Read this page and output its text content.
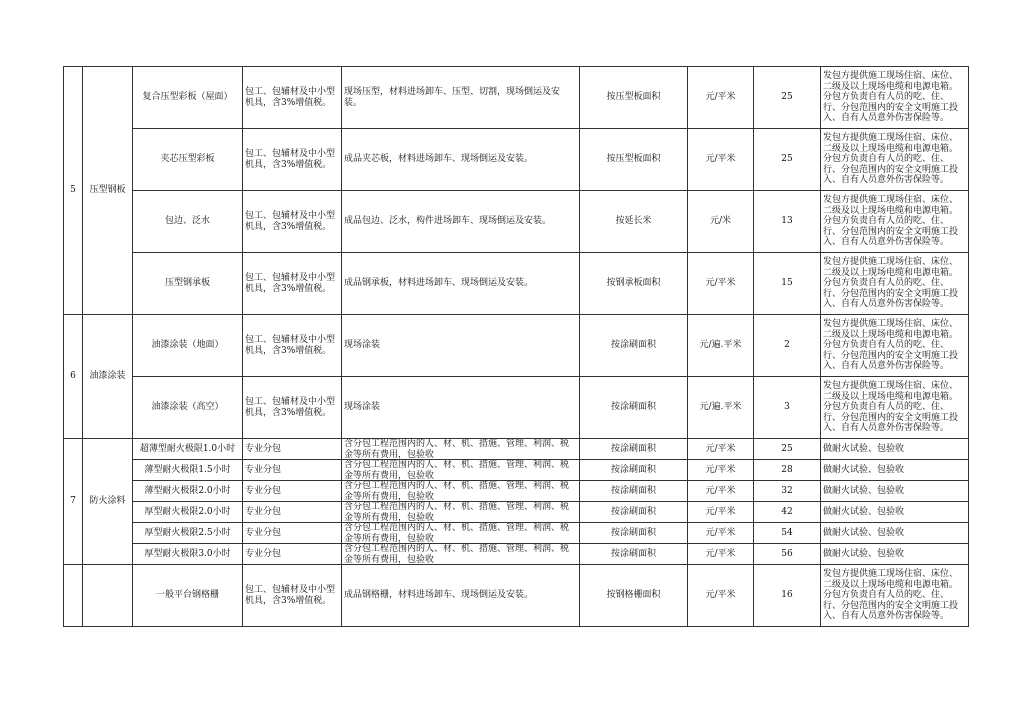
5	压型钢板	复合压型彩板（屋面）	包工、包辅材及中小型机具，含3%增值税。	现场压型，材料进场卸车、压型、切割，现场倒运及安装。	按压型板面积	元/平米	25	发包方提供施工现场住宿、床位、二级及以上现场电缆和电源电箱。分包方负责自有人员的吃、住、行、分包范围内的安全文明施工投入、自有人员意外伤害保险等。
		夹芯压型彩板	包工、包辅材及中小型机具，含3%增值税。	成品夹芯板，材料进场卸车、现场倒运及安装。	按压型板面积	元/平米	25	发包方提供施工现场住宿、床位、二级及以上现场电缆和电源电箱。分包方负责自有人员的吃、住、行、分包范围内的安全文明施工投入、自有人员意外伤害保险等。
		包边、泛水	包工、包辅材及中小型机具，含3%增值税。	成品包边、泛水，构件进场卸车、现场倒运及安装。	按延长米	元/米	13	发包方提供施工现场住宿、床位、二级及以上现场电缆和电源电箱。分包方负责自有人员的吃、住、行、分包范围内的安全文明施工投入、自有人员意外伤害保险等。
		压型钢承板	包工、包辅材及中小型机具，含3%增值税。	成品钢承板，材料进场卸车、现场倒运及安装。	按钢承板面积	元/平米	15	发包方提供施工现场住宿、床位、二级及以上现场电缆和电源电箱。分包方负责自有人员的吃、住、行、分包范围内的安全文明施工投入、自有人员意外伤害保险等。
6	油漆涂装	油漆涂装（地面）	包工、包辅材及中小型机具，含3%增值税。	现场涂装	按涂刷面积	元/遍.平米	2	发包方提供施工现场住宿、床位、二级及以上现场电缆和电源电箱。分包方负责自有人员的吃、住、行、分包范围内的安全文明施工投入、自有人员意外伤害保险等。
		油漆涂装（高空）	包工、包辅材及中小型机具，含3%增值税。	现场涂装	按涂刷面积	元/遍.平米	3	发包方提供施工现场住宿、床位、二级及以上现场电缆和电源电箱。分包方负责自有人员的吃、住、行、分包范围内的安全文明施工投入、自有人员意外伤害保险等。
7	防火涂料	超薄型耐火极限1.0小时	专业分包	含分包工程范围内的人、材、机、措施、管理、利润、税金等所有费用，包验收	按涂刷面积	元/平米	25	做耐火试验、包验收
		薄型耐火极限1.5小时	专业分包	含分包工程范围内的人、材、机、措施、管理、利润、税金等所有费用，包验收	按涂刷面积	元/平米	28	做耐火试验、包验收
		薄型耐火极限2.0小时	专业分包	含分包工程范围内的人、材、机、措施、管理、利润、税金等所有费用，包验收	按涂刷面积	元/平米	32	做耐火试验、包验收
		厚型耐火极限2.0小时	专业分包	含分包工程范围内的人、材、机、措施、管理、利润、税金等所有费用，包验收	按涂刷面积	元/平米	42	做耐火试验、包验收
		厚型耐火极限2.5小时	专业分包	含分包工程范围内的人、材、机、措施、管理、利润、税金等所有费用，包验收	按涂刷面积	元/平米	54	做耐火试验、包验收
		厚型耐火极限3.0小时	专业分包	含分包工程范围内的人、材、机、措施、管理、利润、税金等所有费用，包验收	按涂刷面积	元/平米	56	做耐火试验、包验收
		一般平台钢格栅	包工、包辅材及中小型机具，含3%增值税。	成品钢格栅，材料进场卸车、现场倒运及安装。	按钢格栅面积	元/平米	16	发包方提供施工现场住宿、床位、二级及以上现场电缆和电源电箱。分包方负责自有人员的吃、住、行、分包范围内的安全文明施工投入、自有人员意外伤害保险等。
